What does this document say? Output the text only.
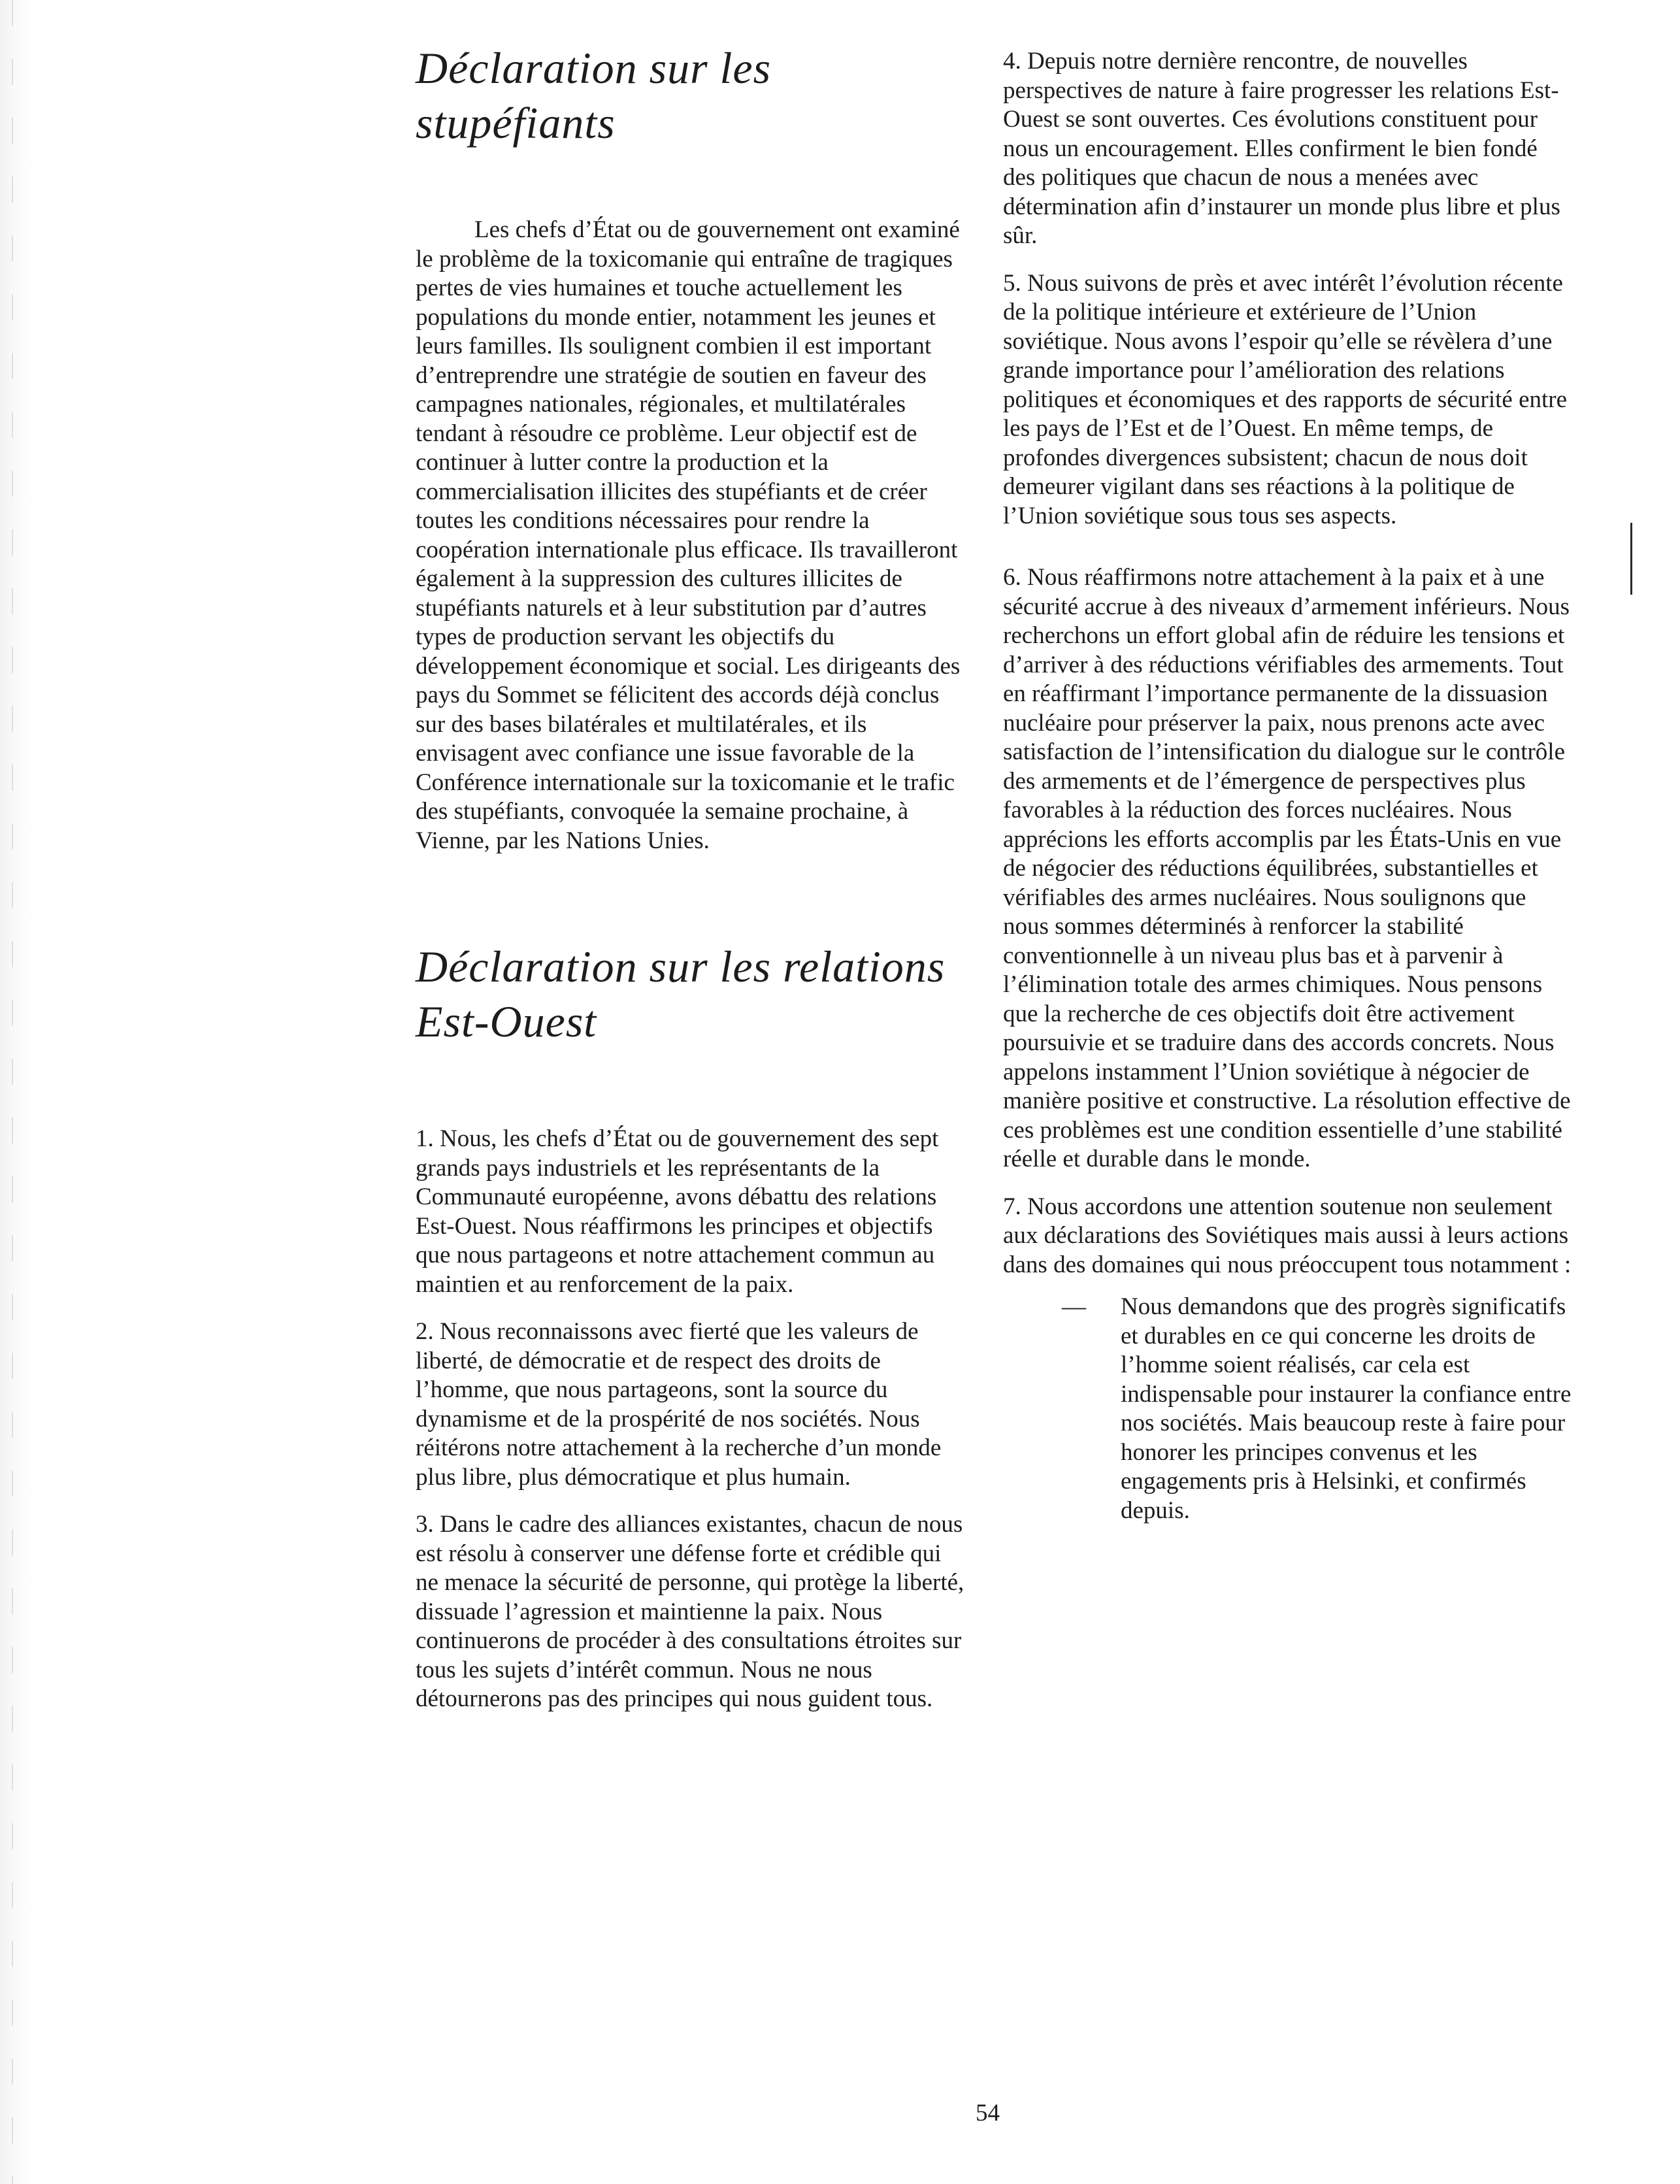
Déclaration sur les stupéfiants

Les chefs d’État ou de gouvernement ont examiné le problème de la toxicomanie qui entraîne de tragiques pertes de vies humaines et touche actuellement les populations du monde entier, notamment les jeunes et leurs familles. Ils soulignent combien il est important d’entreprendre une stratégie de soutien en faveur des campagnes nationales, régionales, et multilatérales tendant à résoudre ce problème. Leur objectif est de continuer à lutter contre la production et la commercialisation illicites des stupéfiants et de créer toutes les conditions nécessaires pour rendre la coopération internationale plus efficace. Ils travailleront également à la suppression des cultures illicites de stupéfiants naturels et à leur substitution par d’autres types de production servant les objectifs du développement économique et social. Les dirigeants des pays du Sommet se félicitent des accords déjà conclus sur des bases bilatérales et multilatérales, et ils envisagent avec confiance une issue favorable de la Conférence internationale sur la toxicomanie et le trafic des stupéfiants, convoquée la semaine prochaine, à Vienne, par les Nations Unies.

Déclaration sur les relations Est-Ouest

1. Nous, les chefs d’État ou de gouvernement des sept grands pays industriels et les représentants de la Communauté européenne, avons débattu des relations Est-Ouest. Nous réaffirmons les principes et objectifs que nous partageons et notre attachement commun au maintien et au renforcement de la paix.

2. Nous reconnaissons avec fierté que les valeurs de liberté, de démocratie et de respect des droits de l’homme, que nous partageons, sont la source du dynamisme et de la prospérité de nos sociétés. Nous réitérons notre attachement à la recherche d’un monde plus libre, plus démocratique et plus humain.

3. Dans le cadre des alliances existantes, chacun de nous est résolu à conserver une défense forte et crédible qui ne menace la sécurité de personne, qui protège la liberté, dissuade l’agression et maintienne la paix. Nous continuerons de procéder à des consultations étroites sur tous les sujets d’intérêt commun. Nous ne nous détournerons pas des principes qui nous guident tous.

4. Depuis notre dernière rencontre, de nouvelles perspectives de nature à faire progresser les relations Est-Ouest se sont ouvertes. Ces évolutions constituent pour nous un encouragement. Elles confirment le bien fondé des politiques que chacun de nous a menées avec détermination afin d’instaurer un monde plus libre et plus sûr.

5. Nous suivons de près et avec intérêt l’évolution récente de la politique intérieure et extérieure de l’Union soviétique. Nous avons l’espoir qu’elle se révèlera d’une grande importance pour l’amélioration des relations politiques et économiques et des rapports de sécurité entre les pays de l’Est et de l’Ouest. En même temps, de profondes divergences subsistent; chacun de nous doit demeurer vigilant dans ses réactions à la politique de l’Union soviétique sous tous ses aspects.

6. Nous réaffirmons notre attachement à la paix et à une sécurité accrue à des niveaux d’armement inférieurs. Nous recherchons un effort global afin de réduire les tensions et d’arriver à des réductions vérifiables des armements. Tout en réaffirmant l’importance permanente de la dissuasion nucléaire pour préserver la paix, nous prenons acte avec satisfaction de l’intensification du dialogue sur le contrôle des armements et de l’émergence de perspectives plus favorables à la réduction des forces nucléaires. Nous apprécions les efforts accomplis par les États-Unis en vue de négocier des réductions équilibrées, substantielles et vérifiables des armes nucléaires. Nous soulignons que nous sommes déterminés à renforcer la stabilité conventionnelle à un niveau plus bas et à parvenir à l’élimination totale des armes chimiques. Nous pensons que la recherche de ces objectifs doit être activement poursuivie et se traduire dans des accords concrets. Nous appelons instamment l’Union soviétique à négocier de manière positive et constructive. La résolution effective de ces problèmes est une condition essentielle d’une stabilité réelle et durable dans le monde.

7. Nous accordons une attention soutenue non seulement aux déclarations des Soviétiques mais aussi à leurs actions dans des domaines qui nous préoccupent tous notamment :

—	Nous demandons que des progrès significatifs et durables en ce qui concerne les droits de l’homme soient réalisés, car cela est indispensable pour instaurer la confiance entre nos sociétés. Mais beaucoup reste à faire pour honorer les principes convenus et les engagements pris à Helsinki, et confirmés depuis.

54
